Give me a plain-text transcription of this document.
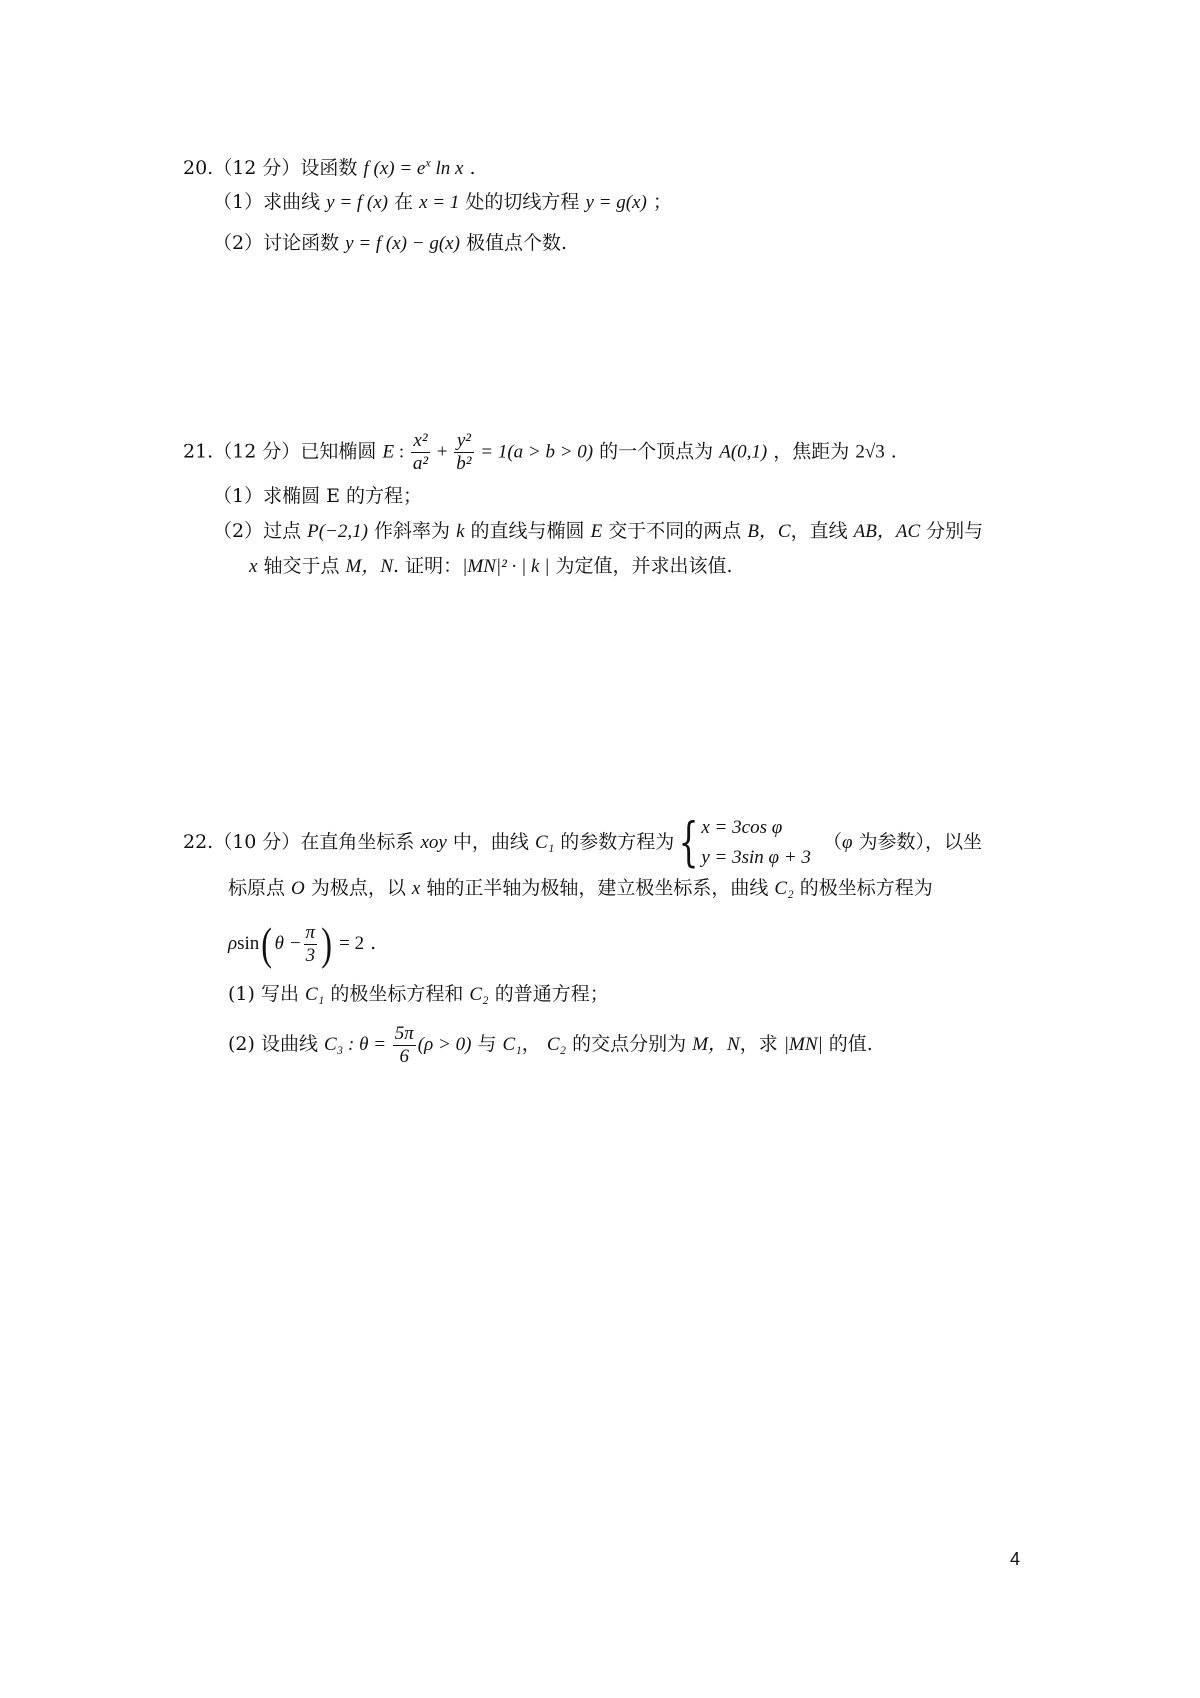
20.（12 分）设函数 f $(x) = e^x$ ln x .
（1）求曲线 y = f (x) 在 x = 1 处的切线方程 y = g(x) ；
（2）讨论函数 y = f (x) − g(x) 极值点个数.
21.（12 分）已知椭圆 E : $\frac{\text{x²}}{\text{a²}} + \frac{\text{y²}}{\text{b²}} = 1(a > b > 0)$ 的一个顶点为 A(0,1) ，焦距为 2√3 .
（1）求椭圆 E 的方程；
（2）过点 P(−2,1) 作斜率为 k 的直线与椭圆 E 交于不同的两点 B，C，直线 AB，AC 分别与
x 轴交于点 M，N. 证明：|MN|² · | k | 为定值，并求出该值.
22.（10 分）在直角坐标系 xoy 中，曲线 C₁ 的参数方程为{ x = 3cos φ
y = 3sin φ + 3
（φ 为参数），以坐
标原点 O 为极点，以 x 轴的正半轴为极轴，建立极坐标系，曲线 C₂ 的极坐标方程为
ρsin( $\theta - \frac{\pi}{3}$ ) = 2 .
(1) 写出 C₁ 的极坐标方程和 C₂ 的普通方程；
(2) 设曲线 C₃ : $\theta = \frac{5\pi}{6} (\rho > 0)$ 与 C₁， C₂ 的交点分别为 M，N，求 |MN| 的值.
4
